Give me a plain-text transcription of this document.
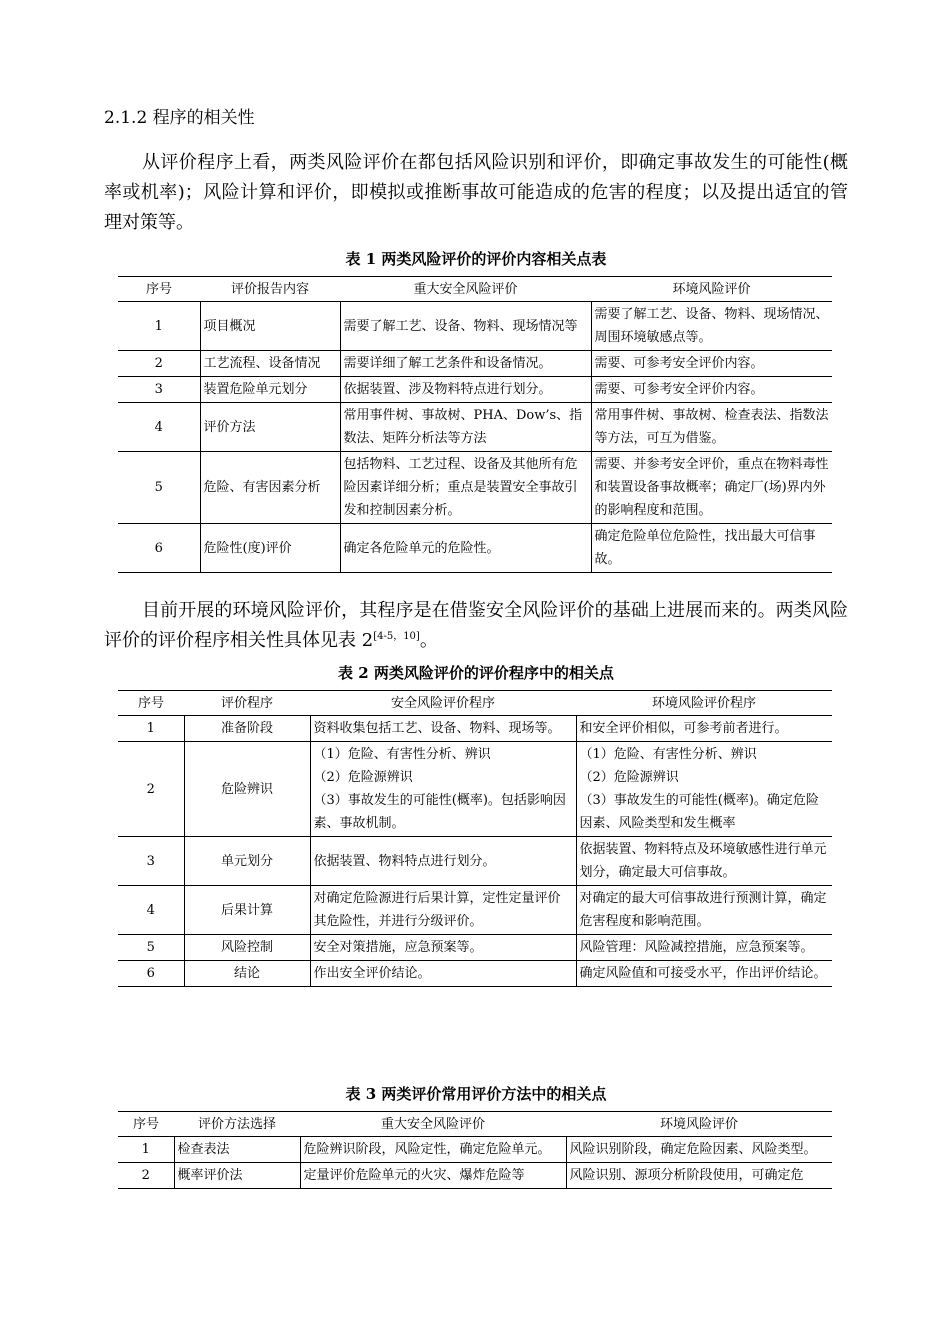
2.1.2 程序的相关性

从评价程序上看，两类风险评价在都包括风险识别和评价，即确定事故发生的可能性(概率或机率)；风险计算和评价，即模拟或推断事故可能造成的危害的程度；以及提出适宜的管理对策等。

表 1 两类风险评价的评价内容相关点表
序号	评价报告内容	重大安全风险评价	环境风险评价
1	项目概况	需要了解工艺、设备、物料、现场情况等	需要了解工艺、设备、物料、现场情况、周围环境敏感点等。
2	工艺流程、设备情况	需要详细了解工艺条件和设备情况。	需要、可参考安全评价内容。
3	装置危险单元划分	依据装置、涉及物料特点进行划分。	需要、可参考安全评价内容。
4	评价方法	常用事件树、事故树、PHA、Dow’s、指数法、矩阵分析法等方法	常用事件树、事故树、检查表法、指数法等方法，可互为借鉴。
5	危险、有害因素分析	包括物料、工艺过程、设备及其他所有危险因素详细分析；重点是装置安全事故引发和控制因素分析。	需要、并参考安全评价，重点在物料毒性和装置设备事故概率；确定厂(场)界内外的影响程度和范围。
6	危险性(度)评价	确定各危险单元的危险性。	确定危险单位危险性，找出最大可信事故。

目前开展的环境风险评价，其程序是在借鉴安全风险评价的基础上进展而来的。两类风险评价的评价程序相关性具体见表 2[4-5，10]。

表 2 两类风险评价的评价程序中的相关点
序号	评价程序	安全风险评价程序	环境风险评价程序
1	准备阶段	资料收集包括工艺、设备、物料、现场等。	和安全评价相似，可参考前者进行。

2	危险辨识	（1）危险、有害性分析、辨识
（2）危险源辨识
（3）事故发生的可能性(概率)。包括影响因素、事故机制。	（1）危险、有害性分析、辨识
（2）危险源辨识
（3）事故发生的可能性(概率)。确定危险因素、风险类型和发生概率

3	单元划分	依据装置、物料特点进行划分。	依据装置、物料特点及环境敏感性进行单元划分，确定最大可信事故。

4	后果计算	对确定危险源进行后果计算，定性定量评价其危险性，并进行分级评价。	对确定的最大可信事故进行预测计算，确定危害程度和影响范围。

5	风险控制	安全对策措施，应急预案等。	风险管理：风险减控措施，应急预案等。

6	结论	作出安全评价结论。	确定风险值和可接受水平，作出评价结论。
表 3 两类评价常用评价方法中的相关点
序号	评价方法选择	重大安全风险评价	环境风险评价
1	检查表法	危险辨识阶段，风险定性，确定危险单元。	风险识别阶段，确定危险因素、风险类型。
2	概率评价法	定量评价危险单元的火灾、爆炸危险等	风险识别、源项分析阶段使用，可确定危
